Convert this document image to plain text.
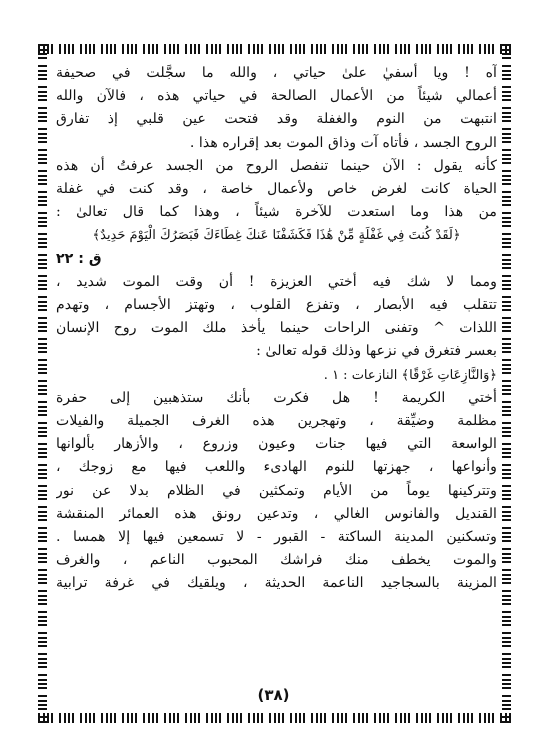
آه ! ويا أسفيٰ علىٰ حياتي ، والله ما سجَّلت في صحيفة
أعمالي شيئاً من الأعمال الصالحة في حياتي هذه ، فالآن والله
انتبهت من النوم والغفلة وقد فتحت عين قلبي إذ تفارق
الروح الجسد ، فأتاه آت وذاق الموت بعد إقراره هذا .
كأنه يقول : الآن حينما تنفصل الروح من الجسد عرفتُ أن هذه
الحياة كانت لغرض خاص ولأعمال خاصة ، وقد كنت في غفلة
من هذا وما استعدت للآخرة شيئاً ، وهذا كما قال تعالىٰ :
﴿لَقَدْ كُنتَ فِي غَفْلَةٍ مِّنْ هَٰذَا فَكَشَفْنَا عَنكَ غِطَاءَكَ فَبَصَرُكَ الْيَوْمَ حَدِيدٌ﴾
ق : ٢٢
ومما لا شك فيه أختي العزيزة ! أن وقت الموت شديد ،
تتقلب فيه الأبصار ، وتفزع القلوب ، وتهتز الأجسام ، وتهدم
اللذات ^ وتفنى الراحات حينما يأخذ ملك الموت روح الإنسان
بعسر فتغرق في نزعها وذلك قوله تعالىٰ :
﴿وَالنَّازِعَاتِ غَرْقًا﴾ النازعات : ١ .
أختي الكريمة ! هل فكرت بأنك ستذهبين إلى حفرة
مظلمة وضيِّقة ، وتهجرين هذه الغرف الجميلة والفيلات
الواسعة التي فيها جنات وعيون وزروع ، والأزهار بألوانها
وأنواعها ، جهزتها للنوم الهادىء واللعب فيها مع زوجك ،
وتتركينها يوماً من الأيام وتمكثين في الظلام بدلا عن نور
القنديل والفانوس الغالي ، وتدعين رونق هذه العمائر المنقشة
وتسكنين المدينة الساكتة - القبور - لا تسمعين فيها إلا همسا .
والموت يخطف منك فراشك المحبوب الناعم ، والغرف
المزينة بالسجاجيد الناعمة الحديثة ، ويلقيك في غرفة ترابية
(٣٨)
